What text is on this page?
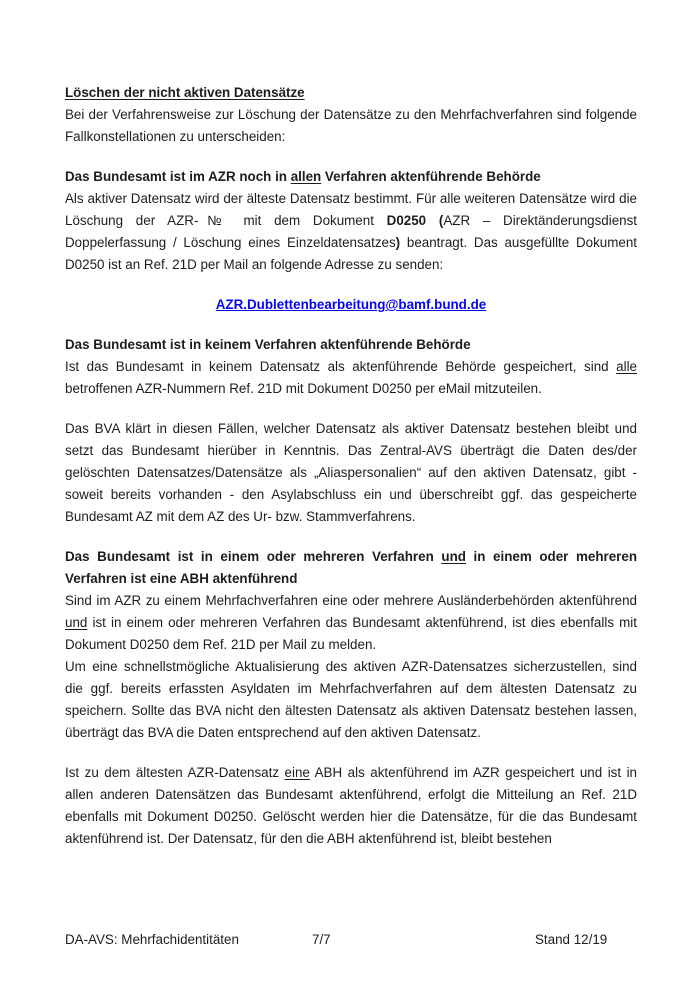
Löschen der nicht aktiven Datensätze

Bei der Verfahrensweise zur Löschung der Datensätze zu den Mehrfachverfahren sind folgende Fallkonstellationen zu unterscheiden:

Das Bundesamt ist im AZR noch in allen Verfahren aktenführende Behörde

Als aktiver Datensatz wird der älteste Datensatz bestimmt. Für alle weiteren Datensätze wird die Löschung der AZR-№ mit dem Dokument D0250 (AZR – Direktänderungsdienst Doppelerfassung / Löschung eines Einzeldatensatzes) beantragt. Das ausgefüllte Dokument D0250 ist an Ref. 21D per Mail an folgende Adresse zu senden:

AZR.Dublettenbearbeitung@bamf.bund.de

Das Bundesamt ist in keinem Verfahren aktenführende Behörde

Ist das Bundesamt in keinem Datensatz als aktenführende Behörde gespeichert, sind alle betroffenen AZR-Nummern Ref. 21D mit Dokument D0250 per eMail mitzuteilen.

Das BVA klärt in diesen Fällen, welcher Datensatz als aktiver Datensatz bestehen bleibt und setzt das Bundesamt hierüber in Kenntnis. Das Zentral-AVS überträgt die Daten des/der gelöschten Datensatzes/Datensätze als „Aliaspersonalien“ auf den aktiven Datensatz, gibt - soweit bereits vorhanden - den Asylabschluss ein und überschreibt ggf. das gespeicherte Bundesamt AZ mit dem AZ des Ur- bzw. Stammverfahrens.

Das Bundesamt ist in einem oder mehreren Verfahren und in einem oder mehreren Verfahren ist eine ABH aktenführend

Sind im AZR zu einem Mehrfachverfahren eine oder mehrere Ausländerbehörden aktenführend und ist in einem oder mehreren Verfahren das Bundesamt aktenführend, ist dies ebenfalls mit Dokument D0250 dem Ref. 21D per Mail zu melden.

Um eine schnellstmögliche Aktualisierung des aktiven AZR-Datensatzes sicherzustellen, sind die ggf. bereits erfassten Asyldaten im Mehrfachverfahren auf dem ältesten Datensatz zu speichern. Sollte das BVA nicht den ältesten Datensatz als aktiven Datensatz bestehen lassen, überträgt das BVA die Daten entsprechend auf den aktiven Datensatz.

Ist zu dem ältesten AZR-Datensatz eine ABH als aktenführend im AZR gespeichert und ist in allen anderen Datensätzen das Bundesamt aktenführend, erfolgt die Mitteilung an Ref. 21D ebenfalls mit Dokument D0250. Gelöscht werden hier die Datensätze, für die das Bundesamt aktenführend ist. Der Datensatz, für den die ABH aktenführend ist, bleibt bestehen

DA-AVS: Mehrfachidentitäten	7/7	Stand 12/19
